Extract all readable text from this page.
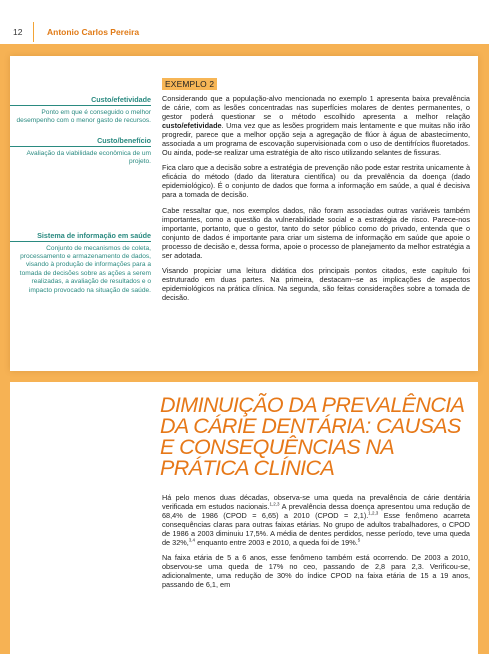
12	Antonio Carlos Pereira
Custo/efetividade
Ponto em que é conseguido o melhor desempenho com o menor gasto de recursos.
Custo/benefício
Avaliação da viabilidade econômica de um projeto.
Sistema de informação em saúde
Conjunto de mecanismos de coleta, processamento e armazenamento de dados, visando à produção de informações para a tomada de decisões sobre as ações a serem realizadas, a avaliação de resultados e o impacto provocado na situação de saúde.
EXEMPLO 2

Considerando que a população-alvo mencionada no exemplo 1 apresenta baixa prevalência de cárie, com as lesões concentradas nas superfícies molares de dentes permanentes, o gestor poderá questionar se o método escolhido apresenta a melhor relação custo/efetividade. Uma vez que as lesões progridem mais lentamente e que muitas não irão progredir, parece que a melhor opção seja a agregação de flúor à água de abastecimento, associada a um programa de escovação supervisionada com o uso de dentifrícios fluoretados. Ou ainda, pode-se realizar uma estratégia de alto risco utilizando selantes de fissuras.

Fica claro que a decisão sobre a estratégia de prevenção não pode estar restrita unicamente à eficácia do método (dado da literatura científica) ou da prevalência da doença (dado epidemiológico). É o conjunto de dados que forma a informação em saúde, a qual é decisiva para a tomada de decisão.

Cabe ressaltar que, nos exemplos dados, não foram associadas outras variáveis também importantes, como a questão da vulnerabilidade social e a estratégia de risco. Parece-nos importante, portanto, que o gestor, tanto do setor público como do privado, entenda que o conjunto de dados é importante para criar um sistema de informação em saúde que apoie o processo de decisão e, dessa forma, apoie o processo de planejamento da melhor estratégia a ser adotada.

Visando propiciar uma leitura didática dos principais pontos citados, este capítulo foi estruturado em duas partes. Na primeira, destacam--se as implicações de aspectos epidemiológicos na prática clínica. Na segunda, são feitas considerações sobre a tomada de decisão.

DIMINUIÇÃO DA PREVALÊNCIA
DA CÁRIE DENTÁRIA: CAUSAS
E CONSEQUÊNCIAS NA
PRÁTICA CLÍNICA

Há pelo menos duas décadas, observa-se uma queda na prevalência de cárie dentária verificada em estudos nacionais.$^{1,2,3}$ A prevalência dessa doença apresentou uma redução de 68,4% de 1986 (CPOD = 6,65) a 2010 (CPOD = 2,1).$^{1,2,3}$ Esse fenômeno acarreta consequências claras para outras faixas etárias. No grupo de adultos trabalhadores, o CPOD de 1986 a 2003 diminuiu 17,5%. A média de dentes perdidos, nesse período, teve uma queda de 32%,$^{3,4}$ enquanto entre 2003 e 2010, a queda foi de 19%.$^5$

Na faixa etária de 5 a 6 anos, esse fenômeno também está ocorrendo. De 2003 a 2010, observou-se uma queda de 17% no ceo, passando de 2,8 para 2,3. Verificou-se, adicionalmente, uma redução de 30% do índice CPOD na faixa etária de 15 a 19 anos, passando de 6,1, em
